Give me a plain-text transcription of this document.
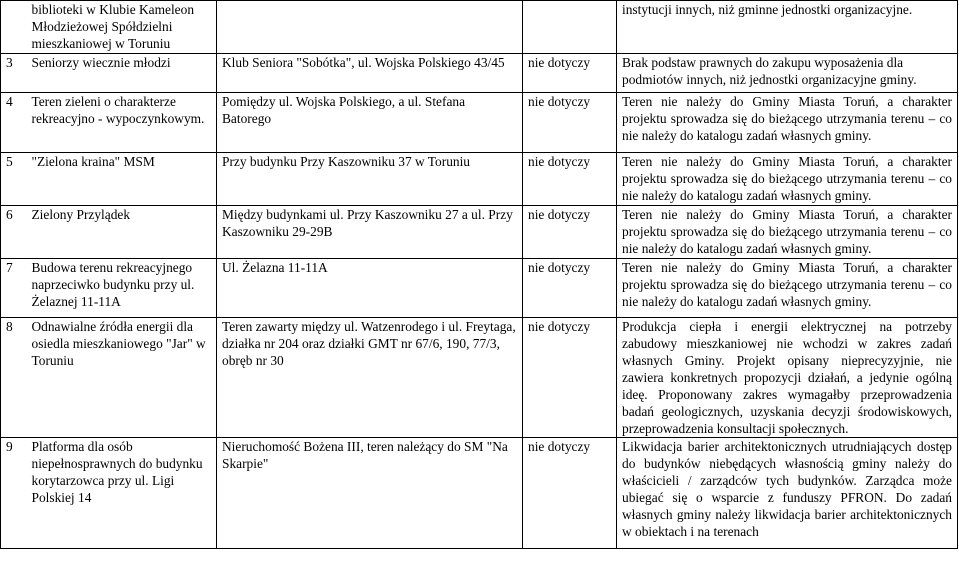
	biblioteki w Klubie Kameleon Młodzieżowej Spółdzielni mieszkaniowej w Toruniu			instytucji innych, niż gminne jednostki organizacyjne.
3	Seniorzy wiecznie młodzi	Klub Seniora "Sobótka", ul. Wojska Polskiego 43/45	nie dotyczy	Brak podstaw prawnych do zakupu wyposażenia dla podmiotów innych, niż jednostki organizacyjne gminy.
4	Teren zieleni o charakterze rekreacyjno - wypoczynkowym.	Pomiędzy ul. Wojska Polskiego, a ul. Stefana Batorego	nie dotyczy	Teren nie należy do Gminy Miasta Toruń, a charakter projektu sprowadza się do bieżącego utrzymania terenu – co nie należy do katalogu zadań własnych gminy.
5	"Zielona kraina" MSM	Przy budynku Przy Kaszowniku 37 w Toruniu	nie dotyczy	Teren nie należy do Gminy Miasta Toruń, a charakter projektu sprowadza się do bieżącego utrzymania terenu – co nie należy do katalogu zadań własnych gminy.
6	Zielony Przylądek	Między budynkami ul. Przy Kaszowniku 27 a ul. Przy Kaszowniku 29-29B	nie dotyczy	Teren nie należy do Gminy Miasta Toruń, a charakter projektu sprowadza się do bieżącego utrzymania terenu – co nie należy do katalogu zadań własnych gminy.
7	Budowa terenu rekreacyjnego naprzeciwko budynku przy ul. Żelaznej 11-11A	Ul. Żelazna 11-11A	nie dotyczy	Teren nie należy do Gminy Miasta Toruń, a charakter projektu sprowadza się do bieżącego utrzymania terenu – co nie należy do katalogu zadań własnych gminy.
8	Odnawialne źródła energii dla osiedla mieszkaniowego "Jar" w Toruniu	Teren zawarty między ul. Watzenrodego i ul. Freytaga, działka nr 204 oraz działki GMT nr 67/6, 190, 77/3, obręb nr 30	nie dotyczy	Produkcja ciepła i energii elektrycznej na potrzeby zabudowy mieszkaniowej nie wchodzi w zakres zadań własnych Gminy. Projekt opisany nieprecyzyjnie, nie zawiera konkretnych propozycji działań, a jedynie ogólną ideę. Proponowany zakres wymagałby przeprowadzenia badań geologicznych, uzyskania decyzji środowiskowych, przeprowadzenia konsultacji społecznych.
9	Platforma dla osób niepełnosprawnych do budynku korytarzowca przy ul. Ligi Polskiej 14	Nieruchomość Bożena III, teren należący do SM "Na Skarpie"	nie dotyczy	Likwidacja barier architektonicznych utrudniających dostęp do budynków niebędących własnością gminy należy do właścicieli / zarządców tych budynków. Zarządca może ubiegać się o wsparcie z funduszy PFRON. Do zadań własnych gminy należy likwidacja barier architektonicznych w obiektach i na terenach
